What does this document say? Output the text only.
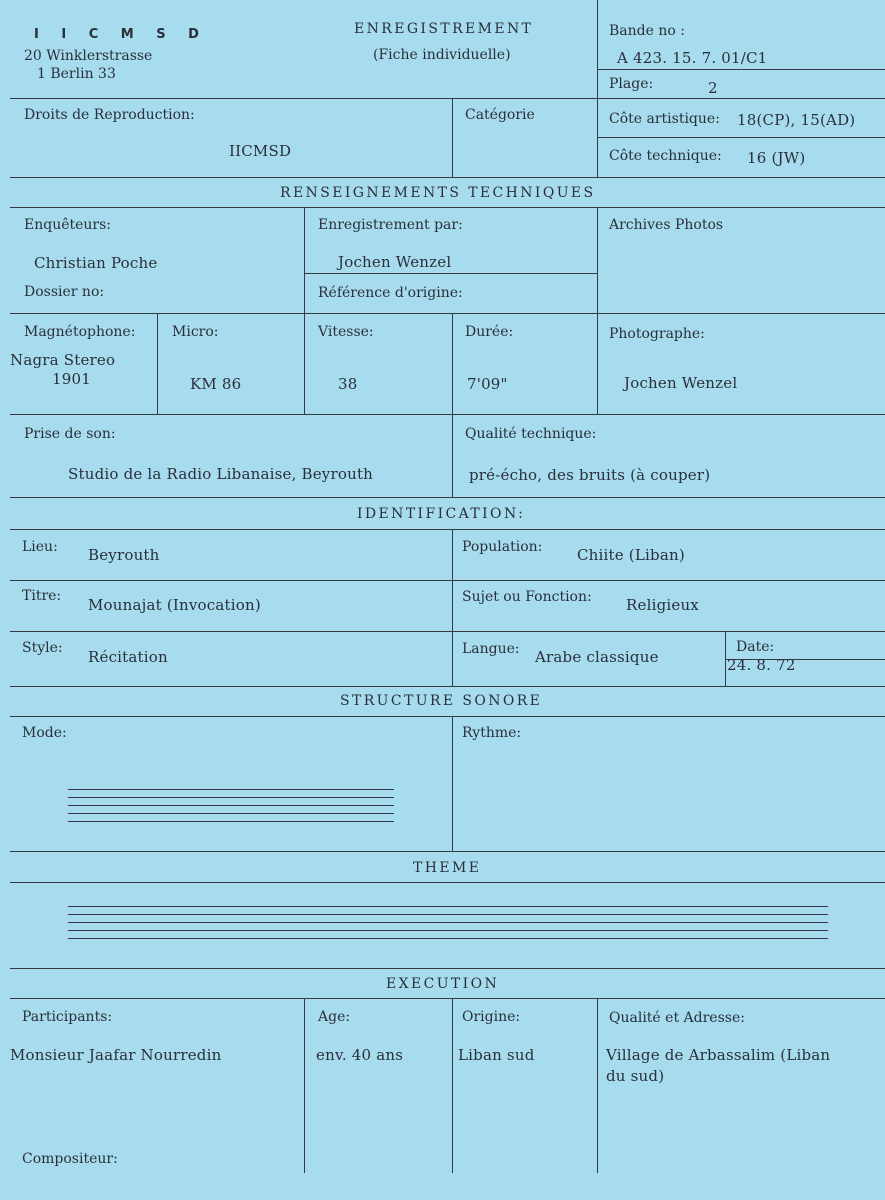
I I C M S D
20 Winklerstrasse
1 Berlin 33
ENREGISTREMENT
(Fiche individuelle)
Bande no :
A 423. 15. 7. 01/C1
Plage:	2
Droits de Reproduction:
IICMSD
Catégorie	Côte artistique: 18(CP), 15(AD)
Côte technique: 16 (JW)
RENSEIGNEMENTS TECHNIQUES
Enquêteurs:
Christian Poche
Dossier no:
Enregistrement par:
Jochen Wenzel
Référence d'origine:
Archives Photos
Magnétophone:
Nagra Stereo
1901
Micro:
KM 86
Vitesse:
38
Durée:
7'09"
Photographe:
Jochen Wenzel
Prise de son:
Studio de la Radio Libanaise, Beyrouth
Qualité technique:
pré-écho, des bruits (à couper)
IDENTIFICATION:
Lieu: Beyrouth	Population: Chiite (Liban)
Titre: Mounajat (Invocation)	Sujet ou Fonction: Religieux
Style: Récitation	Langue: Arabe classique
Date:
24. 8. 72
STRUCTURE SONORE
Mode:	Rythme:
THEME
EXECUTION
Participants:
Monsieur Jaafar Nourredin
Age:
env. 40 ans
Origine:
Liban sud
Qualité et Adresse:
Village de Arbassalim (Liban
du sud)
Compositeur:
